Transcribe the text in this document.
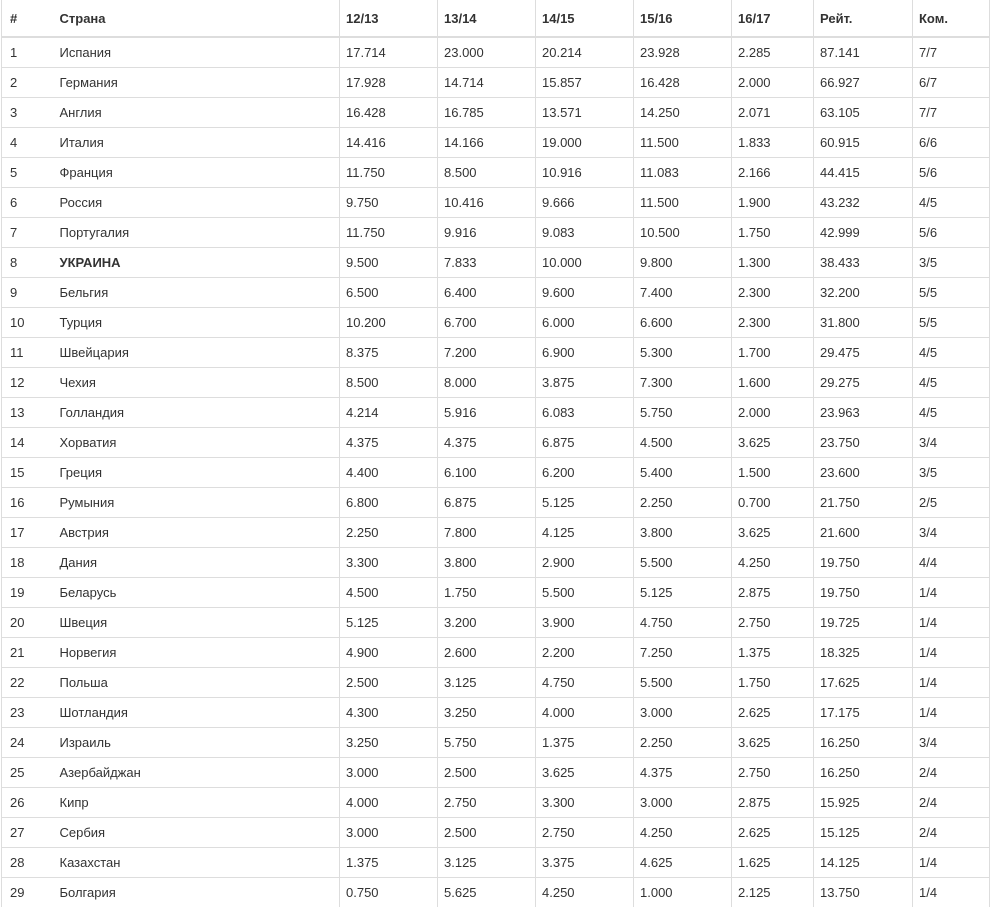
#	Страна	12/13	13/14	14/15	15/16	16/17	Рейт.	Ком.
1	Испания	17.714	23.000	20.214	23.928	2.285	87.141	7/7
2	Германия	17.928	14.714	15.857	16.428	2.000	66.927	6/7
3	Англия	16.428	16.785	13.571	14.250	2.071	63.105	7/7
4	Италия	14.416	14.166	19.000	11.500	1.833	60.915	6/6
5	Франция	11.750	8.500	10.916	11.083	2.166	44.415	5/6
6	Россия	9.750	10.416	9.666	11.500	1.900	43.232	4/5
7	Португалия	11.750	9.916	9.083	10.500	1.750	42.999	5/6
8	УКРАИНА	9.500	7.833	10.000	9.800	1.300	38.433	3/5
9	Бельгия	6.500	6.400	9.600	7.400	2.300	32.200	5/5
10	Турция	10.200	6.700	6.000	6.600	2.300	31.800	5/5
11	Швейцария	8.375	7.200	6.900	5.300	1.700	29.475	4/5
12	Чехия	8.500	8.000	3.875	7.300	1.600	29.275	4/5
13	Голландия	4.214	5.916	6.083	5.750	2.000	23.963	4/5
14	Хорватия	4.375	4.375	6.875	4.500	3.625	23.750	3/4
15	Греция	4.400	6.100	6.200	5.400	1.500	23.600	3/5
16	Румыния	6.800	6.875	5.125	2.250	0.700	21.750	2/5
17	Австрия	2.250	7.800	4.125	3.800	3.625	21.600	3/4
18	Дания	3.300	3.800	2.900	5.500	4.250	19.750	4/4
19	Беларусь	4.500	1.750	5.500	5.125	2.875	19.750	1/4
20	Швеция	5.125	3.200	3.900	4.750	2.750	19.725	1/4
21	Норвегия	4.900	2.600	2.200	7.250	1.375	18.325	1/4
22	Польша	2.500	3.125	4.750	5.500	1.750	17.625	1/4
23	Шотландия	4.300	3.250	4.000	3.000	2.625	17.175	1/4
24	Израиль	3.250	5.750	1.375	2.250	3.625	16.250	3/4
25	Азербайджан	3.000	2.500	3.625	4.375	2.750	16.250	2/4
26	Кипр	4.000	2.750	3.300	3.000	2.875	15.925	2/4
27	Сербия	3.000	2.500	2.750	4.250	2.625	15.125	2/4
28	Казахстан	1.375	3.125	3.375	4.625	1.625	14.125	1/4
29	Болгария	0.750	5.625	4.250	1.000	2.125	13.750	1/4
